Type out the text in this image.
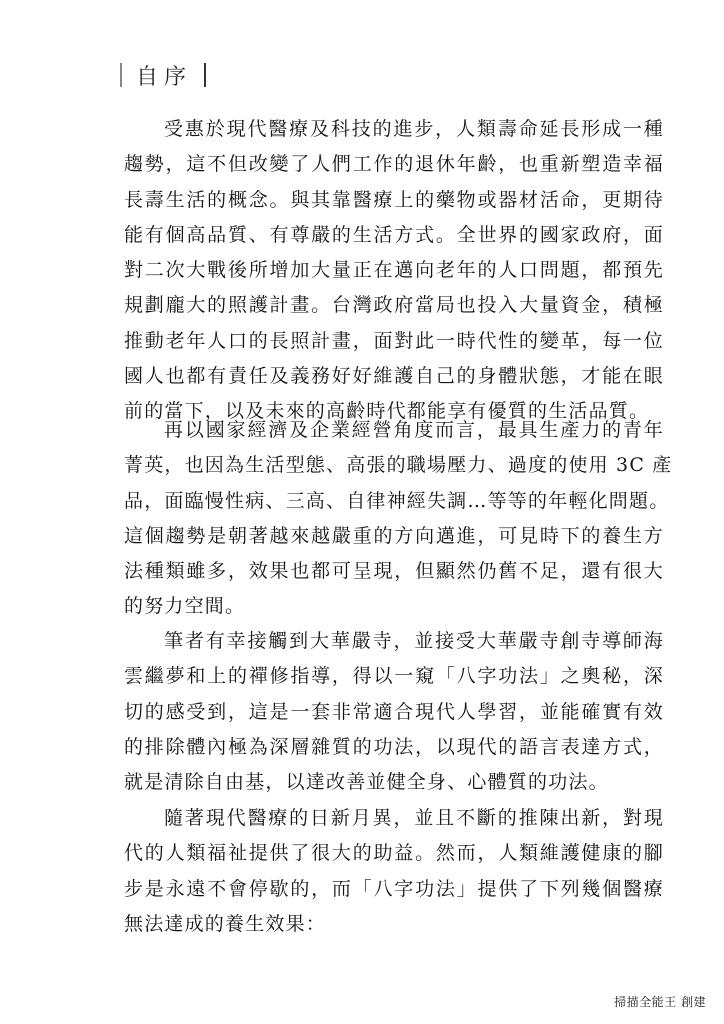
自序
受惠於現代醫療及科技的進步，人類壽命延長形成一種
趨勢，這不但改變了人們工作的退休年齡，也重新塑造幸福
長壽生活的概念。與其靠醫療上的藥物或器材活命，更期待
能有個高品質、有尊嚴的生活方式。全世界的國家政府，面
對二次大戰後所增加大量正在邁向老年的人口問題，都預先
規劃龐大的照護計畫。台灣政府當局也投入大量資金，積極
推動老年人口的長照計畫，面對此一時代性的變革，每一位
國人也都有責任及義務好好維護自己的身體狀態，才能在眼
前的當下，以及未來的高齡時代都能享有優質的生活品質。
再以國家經濟及企業經營角度而言，最具生產力的青年
菁英，也因為生活型態、高張的職場壓力、過度的使用 3C 產
品，面臨慢性病、三高、自律神經失調…等等的年輕化問題。
這個趨勢是朝著越來越嚴重的方向邁進，可見時下的養生方
法種類雖多，效果也都可呈現，但顯然仍舊不足，還有很大
的努力空間。
筆者有幸接觸到大華嚴寺，並接受大華嚴寺創寺導師海
雲繼夢和上的禪修指導，得以一窺「八字功法」之奧秘，深
切的感受到，這是一套非常適合現代人學習，並能確實有效
的排除體內極為深層雜質的功法，以現代的語言表達方式，
就是清除自由基，以達改善並健全身、心體質的功法。
隨著現代醫療的日新月異，並且不斷的推陳出新，對現
代的人類福祉提供了很大的助益。然而，人類維護健康的腳
步是永遠不會停歇的，而「八字功法」提供了下列幾個醫療
無法達成的養生效果：
掃描全能王 創建
